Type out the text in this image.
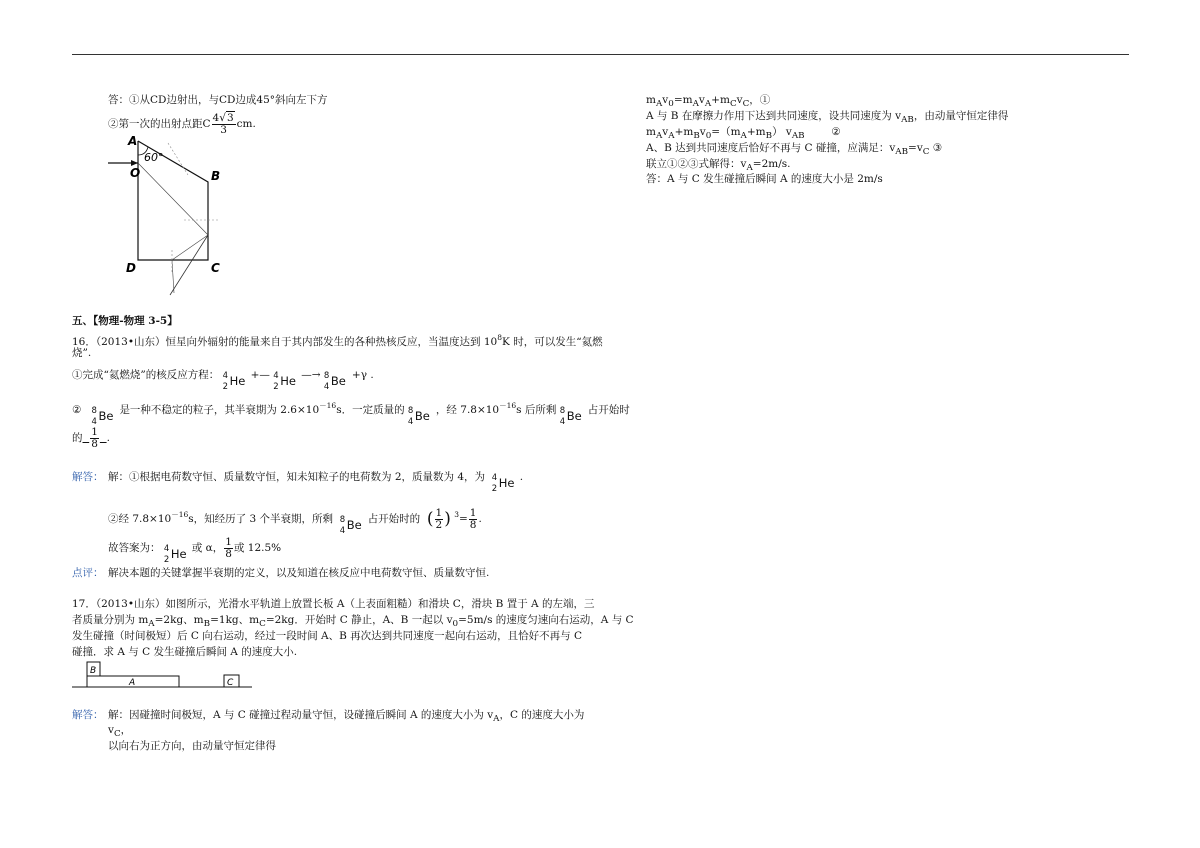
答：①从CD边射出，与CD边成45°斜向左下方
②第一次的出射点距C $\frac{4√3}{3}$ cm.
A
60°
O	B
D	C
五、【物理-物理 3-5】
16．（2013•山东）恒星向外辐射的能量来自于其内部发生的各种热核反应，当温度达到 $10^8K$ 时，可以发生“氦燃
烧”.
①完成“氦燃烧”的核反应方程： 4
2 He +— 4
2 He —→ 8
4 Be +γ .
② 8
4 Be 是一种不稳定的粒子，其半衰期为 $2.6\times 10^{-16}s$．一定质量的 8
4 Be ，经 $7.8\times 10^{-16}s$ 后所剩 8
4 Be 占开始时
的 $\frac{1}{8}$ .
解答： 解：①根据电荷数守恒、质量数守恒，知未知粒子的电荷数为 2，质量数为 4，为 4
2 He .
②经 $7.8\times 10^{-16}s$，知经历了 3 个半衰期，所剩 8
4 Be 占开始时的 ( $\frac{1}{2}$ ) $^3= \frac{1}{8}$ .
故答案为： 4
2 He 或 α， $\frac{1}{8}$ 或 12.5%
点评： 解决本题的关键掌握半衰期的定义，以及知道在核反应中电荷数守恒、质量数守恒.
17．（2013•山东）如图所示，光滑水平轨道上放置长板 A（上表面粗糙）和滑块 C，滑块 B 置于 A 的左端，三
者质量分别为 $m_A=2kg$、$m_B=1kg$、$m_C=2kg$．开始时 C 静止，A、B 一起以 $v_0=5m/s$ 的速度匀速向右运动，A 与 C
发生碰撞（时间极短）后 C 向右运动，经过一段时间 A、B 再次达到共同速度一起向右运动，且恰好不再与 C
碰撞．求 A 与 C 发生碰撞后瞬间 A 的速度大小.
A
B
C
解答： 解：因碰撞时间极短，A 与 C 碰撞过程动量守恒，设碰撞后瞬间 A 的速度大小为 $v_A$，C 的速度大小为
$v_C$，
以向右为正方向，由动量守恒定律得
$m_Av_0=m_Av_A+m_Cv_C$，①
A 与 B 在摩擦力作用下达到共同速度，设共同速度为 $v_{AB}$，由动量守恒定律得
$m_Av_A+m_Bv_0=(m_A+m_B)$ $v_{AB}$        ②
A、B 达到共同速度后恰好不再与 C 碰撞，应满足：$v_{AB}=v_C$ ③
联立①②③式解得：$v_A=2m/s$.
答：A 与 C 发生碰撞后瞬间 A 的速度大小是 2m/s
